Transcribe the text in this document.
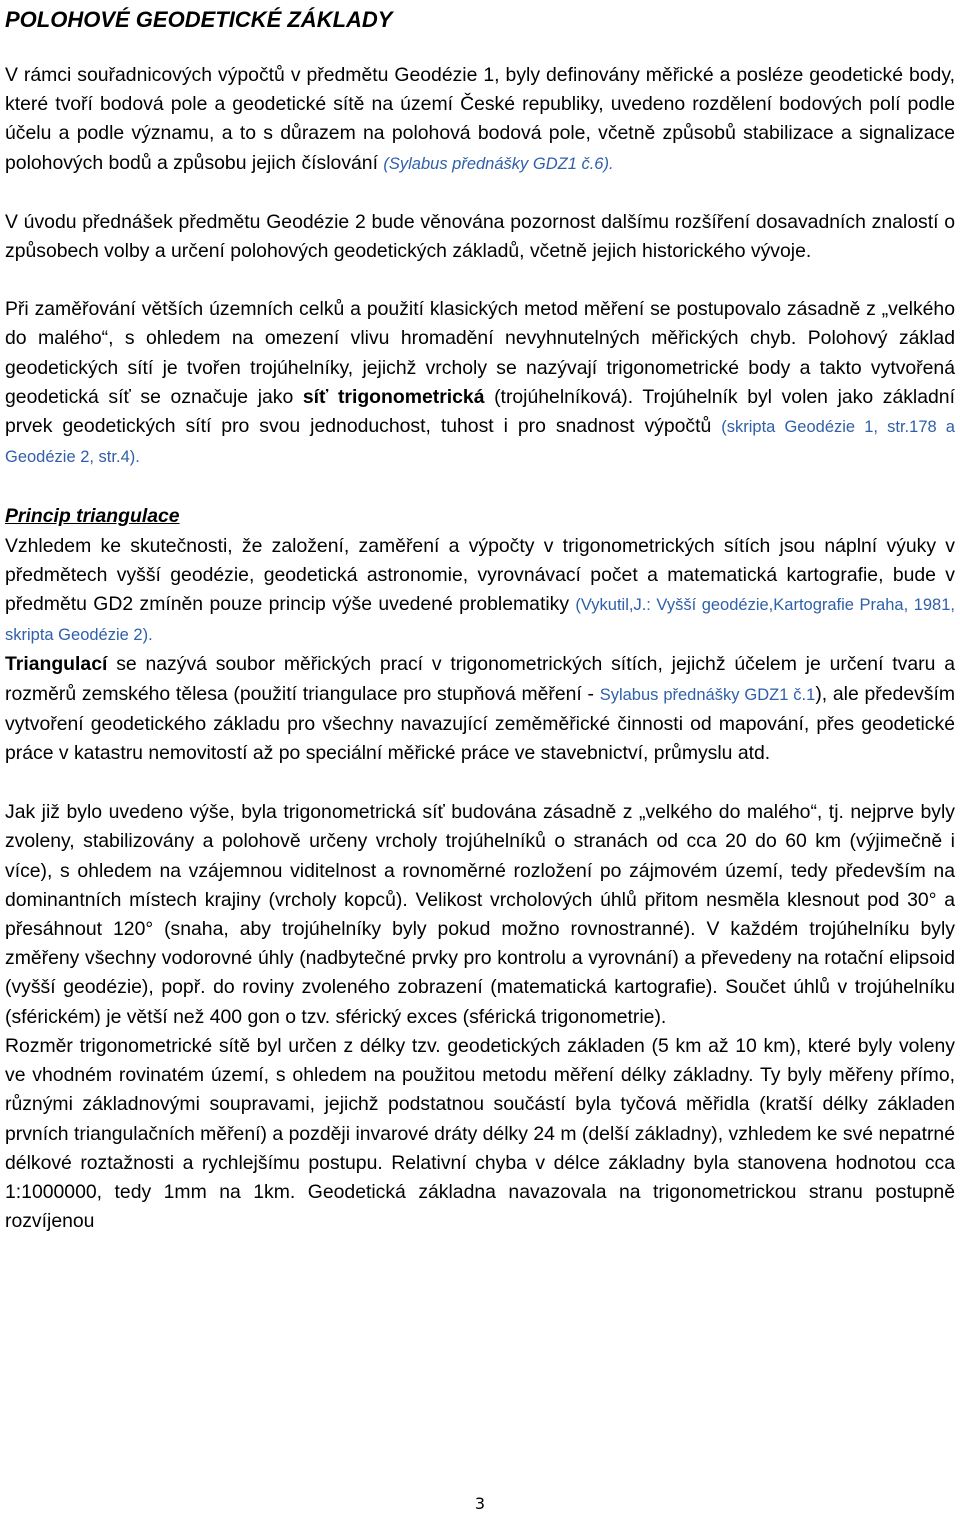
POLOHOVÉ GEODETICKÉ ZÁKLADY

V rámci souřadnicových výpočtů v předmětu Geodézie 1, byly definovány měřické a posléze geodetické body, které tvoří bodová pole a geodetické sítě na území České republiky, uvedeno rozdělení bodových polí podle účelu a podle významu, a to s důrazem na polohová bodová pole, včetně způsobů stabilizace a signalizace polohových bodů a způsobu jejich číslování (Sylabus přednášky GDZ1 č.6).

V úvodu přednášek předmětu Geodézie 2 bude věnována pozornost dalšímu rozšíření dosavadních znalostí o způsobech volby a určení polohových geodetických základů, včetně jejich historického vývoje.

Při zaměřování větších územních celků a použití klasických metod měření se postupovalo zásadně z „velkého do malého“, s ohledem na omezení vlivu hromadění nevyhnutelných měřických chyb. Polohový základ geodetických sítí je tvořen trojúhelníky, jejichž vrcholy se nazývají trigonometrické body a takto vytvořená geodetická síť se označuje jako síť trigonometrická (trojúhelníková). Trojúhelník byl volen jako základní prvek geodetických sítí pro svou jednoduchost, tuhost i pro snadnost výpočtů (skripta Geodézie 1, str.178 a Geodézie 2, str.4).

Princip triangulace
Vzhledem ke skutečnosti, že založení, zaměření a výpočty v trigonometrických sítích jsou náplní výuky v předmětech vyšší geodézie, geodetická astronomie, vyrovnávací počet a matematická kartografie, bude v předmětu GD2 zmíněn pouze princip výše uvedené problematiky (Vykutil,J.: Vyšší geodézie,Kartografie Praha, 1981, skripta Geodézie 2).

Triangulací se nazývá soubor měřických prací v trigonometrických sítích, jejichž účelem je určení tvaru a rozměrů zemského tělesa (použití triangulace pro stupňová měření - Sylabus přednášky GDZ1 č.1), ale především vytvoření geodetického základu pro všechny navazující zeměměřické činnosti od mapování, přes geodetické práce v katastru nemovitostí až po speciální měřické práce ve stavebnictví, průmyslu atd.

Jak již bylo uvedeno výše, byla trigonometrická síť budována zásadně z „velkého do malého“, tj. nejprve byly zvoleny, stabilizovány a polohově určeny vrcholy trojúhelníků o stranách od cca 20 do 60 km (výjimečně i více), s ohledem na vzájemnou viditelnost a rovnoměrné rozložení po zájmovém území, tedy především na dominantních místech krajiny (vrcholy kopců). Velikost vrcholových úhlů přitom nesměla klesnout pod 30° a přesáhnout 120° (snaha, aby trojúhelníky byly pokud možno rovnostranné). V každém trojúhelníku byly změřeny všechny vodorovné úhly (nadbytečné prvky pro kontrolu a vyrovnání) a převedeny na rotační elipsoid (vyšší geodézie), popř. do roviny zvoleného zobrazení (matematická kartografie). Součet úhlů v trojúhelníku (sférickém) je větší než 400 gon o tzv. sférický exces (sférická trigonometrie).

Rozměr trigonometrické sítě byl určen z délky tzv. geodetických základen (5 km až 10 km), které byly voleny ve vhodném rovinatém území, s ohledem na použitou metodu měření délky základny. Ty byly měřeny přímo, různými základnovými soupravami, jejichž podstatnou součástí byla tyčová měřidla (kratší délky základen prvních triangulačních měření) a později invarové dráty délky 24 m (delší základny), vzhledem ke své nepatrné délkové roztažnosti a rychlejšímu postupu. Relativní chyba v délce základny byla stanovena hodnotou cca 1:1000000, tedy 1mm na 1km. Geodetická základna navazovala na trigonometrickou stranu postupně rozvíjenou

3
